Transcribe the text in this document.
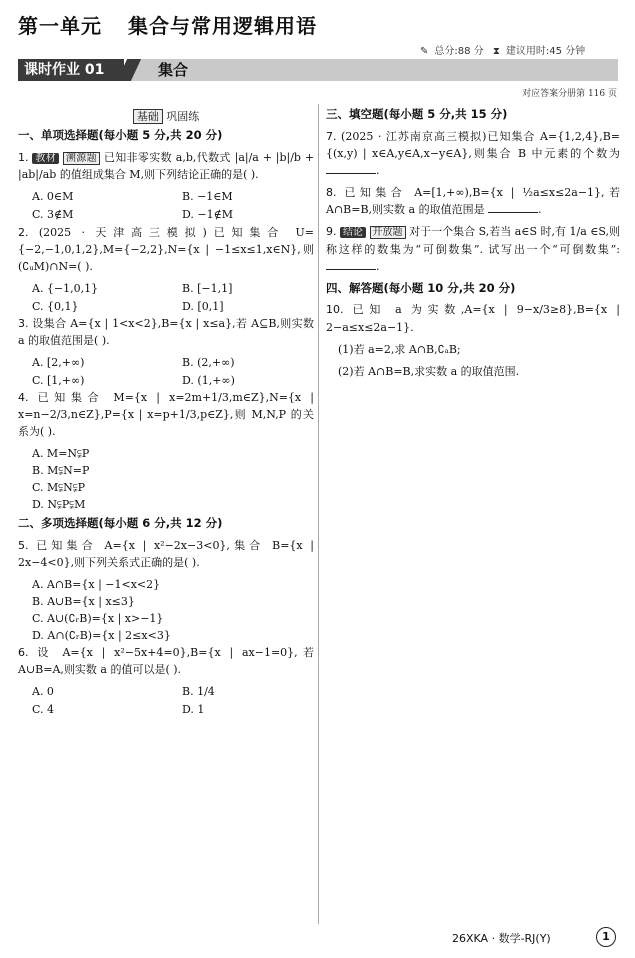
第一单元 集合与常用逻辑用语
✎ 总分:88 分 ⧗ 建议用时:45 分钟
课时作业 01	集合
对应答案分册第 116 页
基础 巩固练
一、单项选择题(每小题 5 分,共 20 分)
1. 教材 溯源题 已知非零实数 a,b,代数式 |a|/a + |b|/b + |ab|/ab 的值组成集合 M,则下列结论正确的是( ).
A. 0∈M	B. −1∈M
C. 3∉M	D. −1∉M
2. (2025 · 天津高三模拟)已知集合 U={−2,−1,0,1,2},M={−2,2},N={x | −1≤x≤1,x∈N},则(∁ᵤM)∩N=( ).
A. {−1,0,1}	B. [−1,1]
C. {0,1}	D. [0,1]
3. 设集合 A={x | 1<x<2},B={x | x≤a},若 A⊆B,则实数 a 的取值范围是( ).
A. [2,+∞)	B. (2,+∞)
C. [1,+∞)	D. (1,+∞)
4. 已知集合 M={x | x=2m+1/3,m∈Z},N={x | x=n−2/3,n∈Z},P={x | x=p+1/3,p∈Z},则 M,N,P 的关系为( ).
A. M=N⫋P
B. M⫋N=P
C. M⫋N⫋P
D. N⫋P⫋M
二、多项选择题(每小题 6 分,共 12 分)
5. 已知集合 A={x | x²−2x−3<0},集合 B={x | 2x−4<0},则下列关系式正确的是( ).
A. A∩B={x | −1<x<2}
B. A∪B={x | x≤3}
C. A∪(∁ᵣB)={x | x>−1}
D. A∩(∁ᵣB)={x | 2≤x<3}
6. 设 A={x | x²−5x+4=0},B={x | ax−1=0},若 A∪B=A,则实数 a 的值可以是( ).
A. 0	B. 1/4
C. 4	D. 1
三、填空题(每小题 5 分,共 15 分)
7. (2025 · 江苏南京高三模拟)已知集合 A={1,2,4},B={(x,y) | x∈A,y∈A,x−y∈A},则集合 B 中元素的个数为 .
8. 已知集合 A=[1,+∞),B={x | ½a≤x≤2a−1},若 A∩B=B,则实数 a 的取值范围是	.
9. 结论 开放题 对于一个集合 S,若当 a∈S 时,有 1/a ∈S,则称这样的数集为“可倒数集”. 试写出一个“可倒数集”: .
四、解答题(每小题 10 分,共 20 分)
10. 已知 a 为实数,A={x | 9−x/3≥8},B={x | 2−a≤x≤2a−1}.
(1)若 a=2,求 A∩B,∁ₐB;
(2)若 A∩B=B,求实数 a 的取值范围.
26XKA · 数学-RJ(Y)	1
